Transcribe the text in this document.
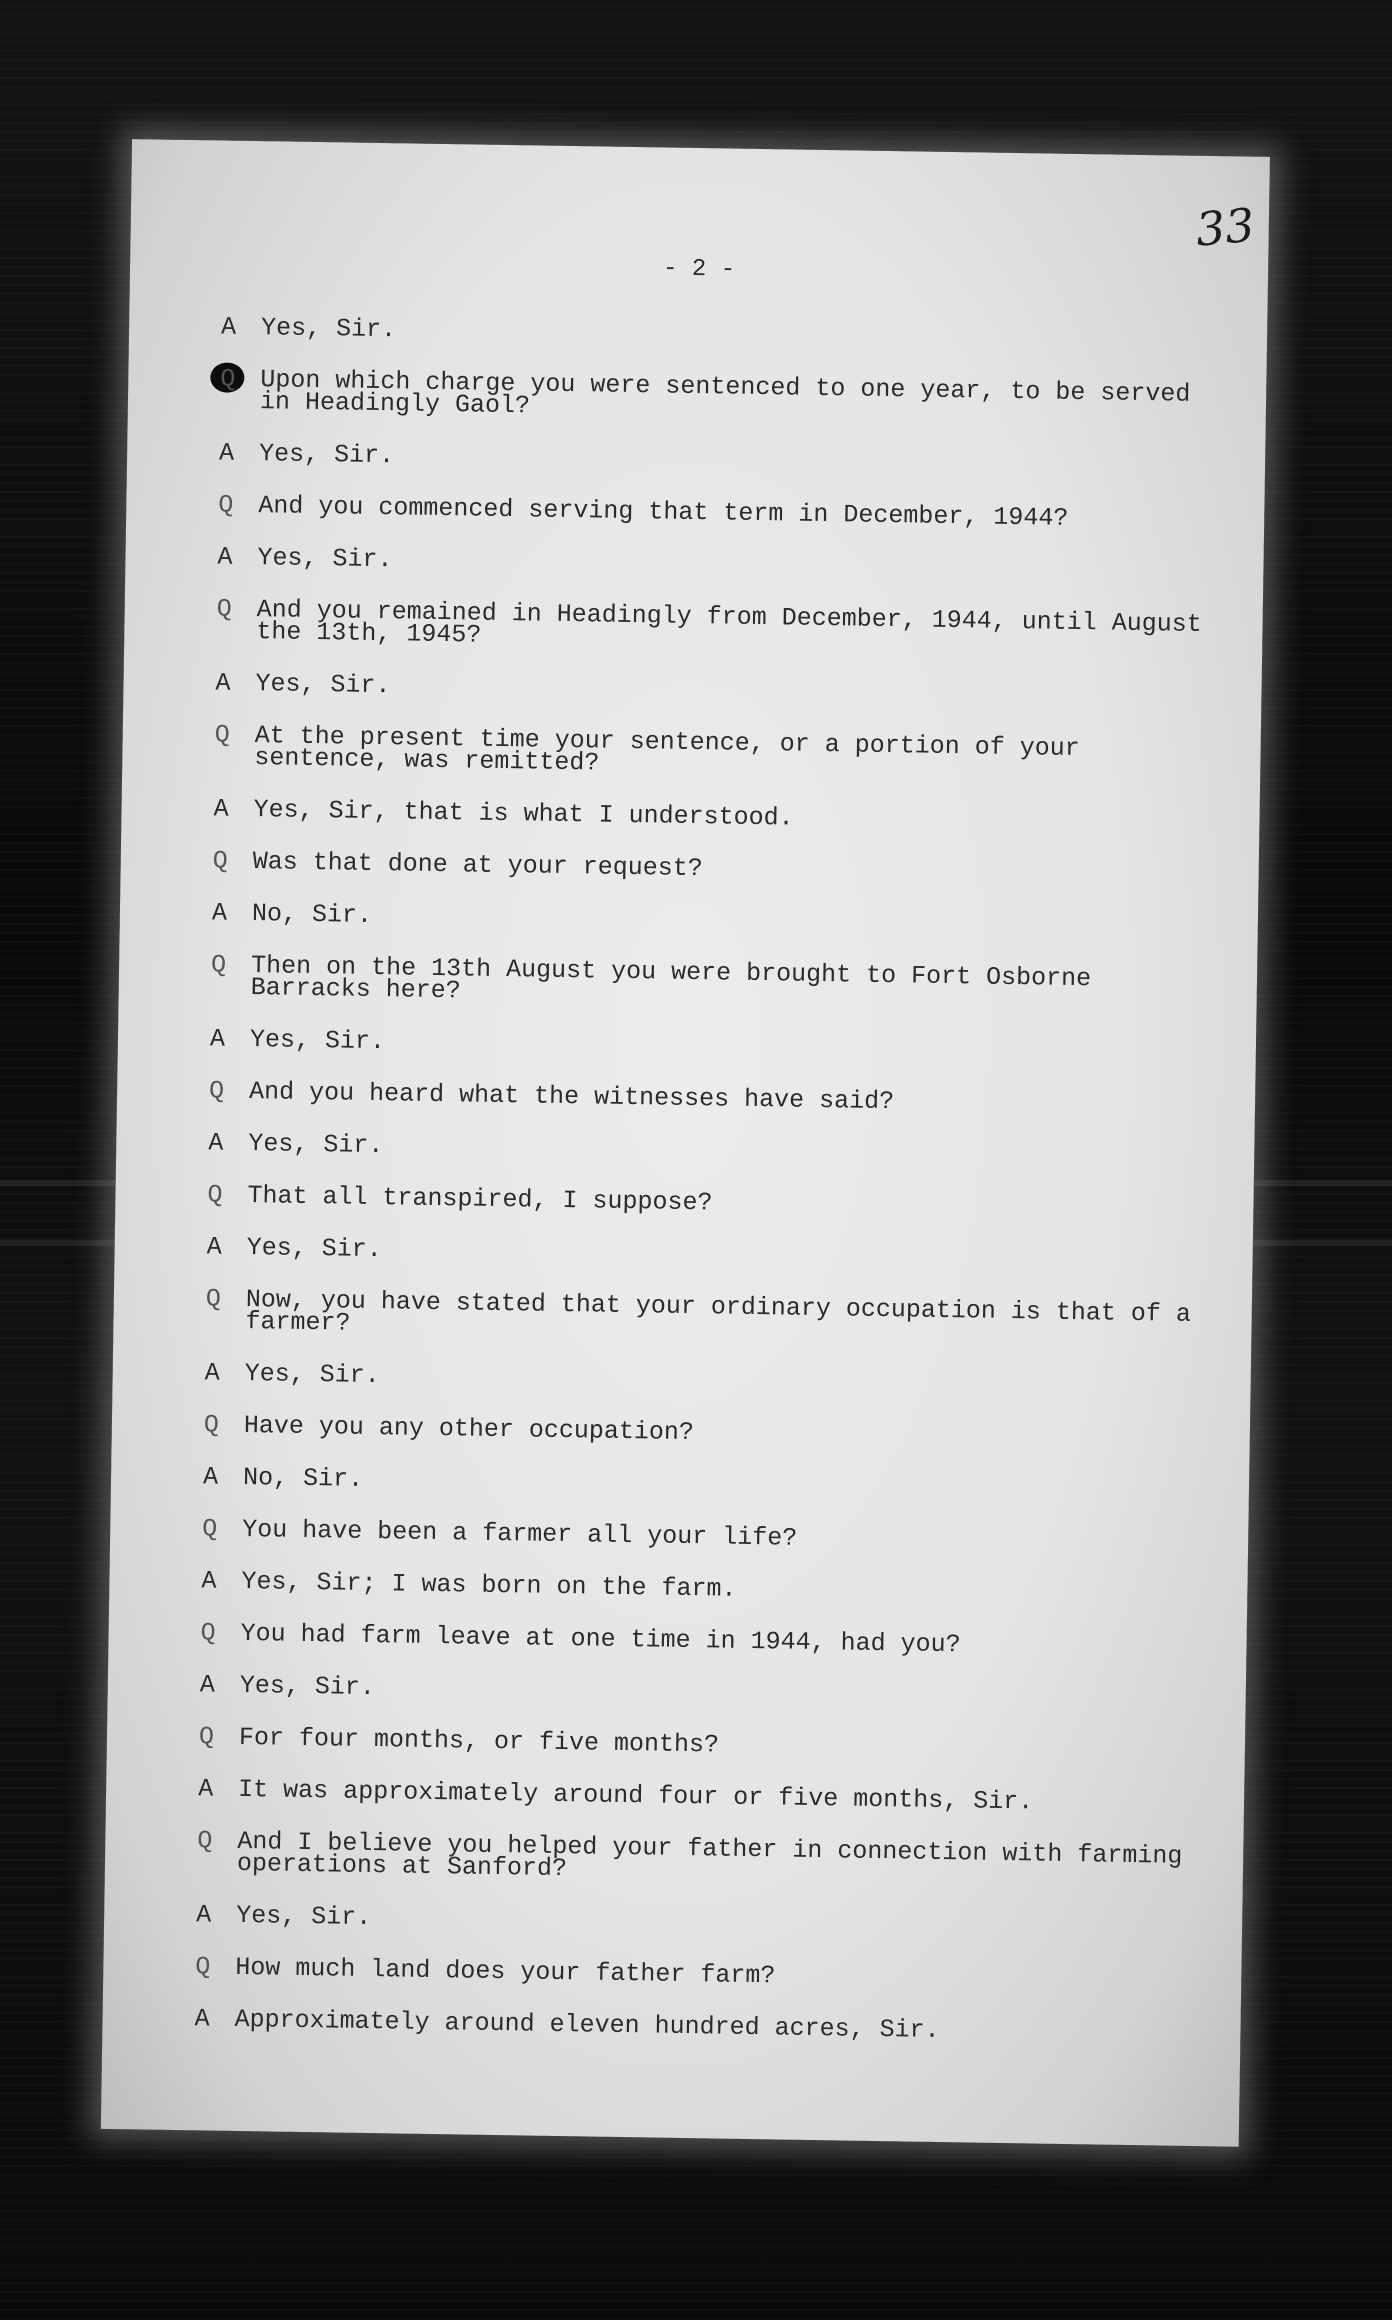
33
- 2 -
A Yes, Sir.
Q Upon which charge you were sentenced to one year, to be served in Headingly Gaol?
A Yes, Sir.
Q And you commenced serving that term in December, 1944?
A Yes, Sir.
Q And you remained in Headingly from December, 1944, until August the 13th, 1945?
A Yes, Sir.
Q At the present time your sentence, or a portion of your sentence, was remitted?
A Yes, Sir, that is what I understood.
Q Was that done at your request?
A No, Sir.
Q Then on the 13th August you were brought to Fort Osborne Barracks here?
A Yes, Sir.
Q And you heard what the witnesses have said?
A Yes, Sir.
Q That all transpired, I suppose?
A Yes, Sir.
Q Now, you have stated that your ordinary occupation is that of a farmer?
A Yes, Sir.
Q Have you any other occupation?
A No, Sir.
Q You have been a farmer all your life?
A Yes, Sir; I was born on the farm.
Q You had farm leave at one time in 1944, had you?
A Yes, Sir.
Q For four months, or five months?
A It was approximately around four or five months, Sir.
Q And I believe you helped your father in connection with farming operations at Sanford?
A Yes, Sir.
Q How much land does your father farm?
A Approximately around eleven hundred acres, Sir.
